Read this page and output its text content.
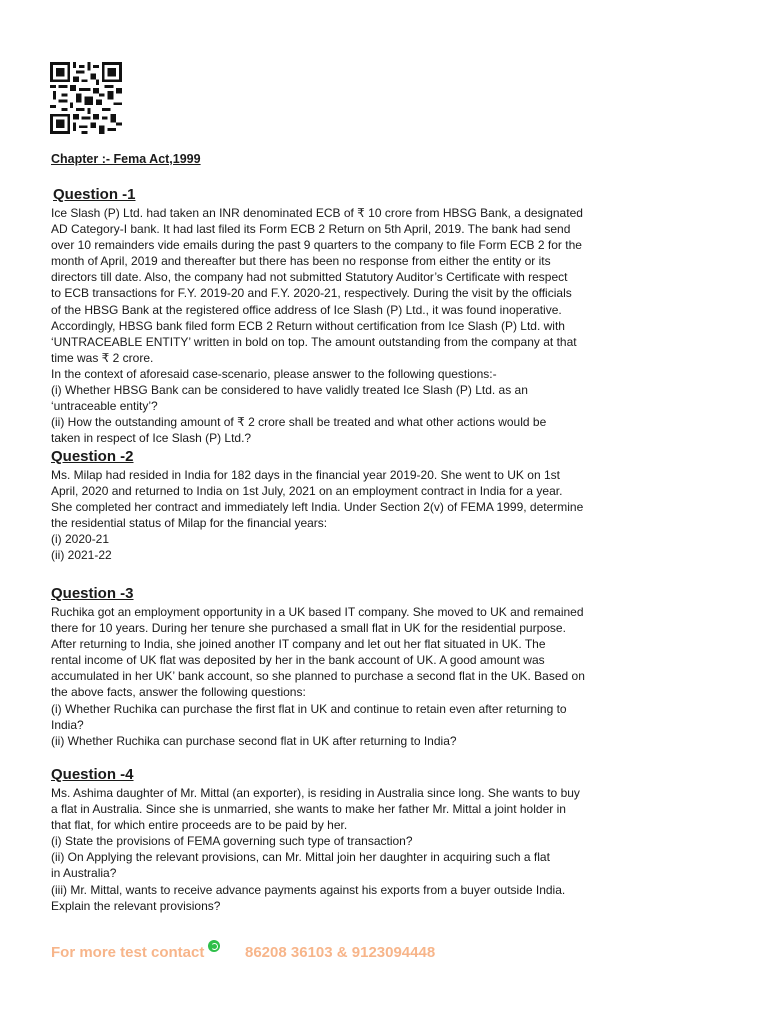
Chapter :- Fema Act,1999
Question -1
Ice Slash (P) Ltd. had taken an INR denominated ECB of ₹ 10 crore from HBSG Bank, a designated
AD Category-I bank. It had last filed its Form ECB 2 Return on 5th April, 2019. The bank had send
over 10 remainders vide emails during the past 9 quarters to the company to file Form ECB 2 for the
month of April, 2019 and thereafter but there has been no response from either the entity or its
directors till date. Also, the company had not submitted Statutory Auditor’s Certificate with respect
to ECB transactions for F.Y. 2019-20 and F.Y. 2020-21, respectively. During the visit by the officials
of the HBSG Bank at the registered office address of Ice Slash (P) Ltd., it was found inoperative.
Accordingly, HBSG bank filed form ECB 2 Return without certification from Ice Slash (P) Ltd. with
‘UNTRACEABLE ENTITY’ written in bold on top. The amount outstanding from the company at that
time was ₹ 2 crore.
In the context of aforesaid case-scenario, please answer to the following questions:-
(i) Whether HBSG Bank can be considered to have validly treated Ice Slash (P) Ltd. as an
‘untraceable entity’?
(ii) How the outstanding amount of ₹ 2 crore shall be treated and what other actions would be
taken in respect of Ice Slash (P) Ltd.?
Question -2
Ms. Milap had resided in India for 182 days in the financial year 2019-20. She went to UK on 1st
April, 2020 and returned to India on 1st July, 2021 on an employment contract in India for a year.
She completed her contract and immediately left India. Under Section 2(v) of FEMA 1999, determine
the residential status of Milap for the financial years:
(i) 2020-21
(ii) 2021-22
Question -3
Ruchika got an employment opportunity in a UK based IT company. She moved to UK and remained
there for 10 years. During her tenure she purchased a small flat in UK for the residential purpose.
After returning to India, she joined another IT company and let out her flat situated in UK. The
rental income of UK flat was deposited by her in the bank account of UK. A good amount was
accumulated in her UK’ bank account, so she planned to purchase a second flat in the UK. Based on
the above facts, answer the following questions:
(i) Whether Ruchika can purchase the first flat in UK and continue to retain even after returning to
India?
(ii) Whether Ruchika can purchase second flat in UK after returning to India?
Question -4
Ms. Ashima daughter of Mr. Mittal (an exporter), is residing in Australia since long. She wants to buy
a flat in Australia. Since she is unmarried, she wants to make her father Mr. Mittal a joint holder in
that flat, for which entire proceeds are to be paid by her.
(i) State the provisions of FEMA governing such type of transaction?
(ii) On Applying the relevant provisions, can Mr. Mittal join her daughter in acquiring such a flat
in Australia?
(iii) Mr. Mittal, wants to receive advance payments against his exports from a buyer outside India.
Explain the relevant provisions?
For more test contact	86208 36103 & 9123094448
